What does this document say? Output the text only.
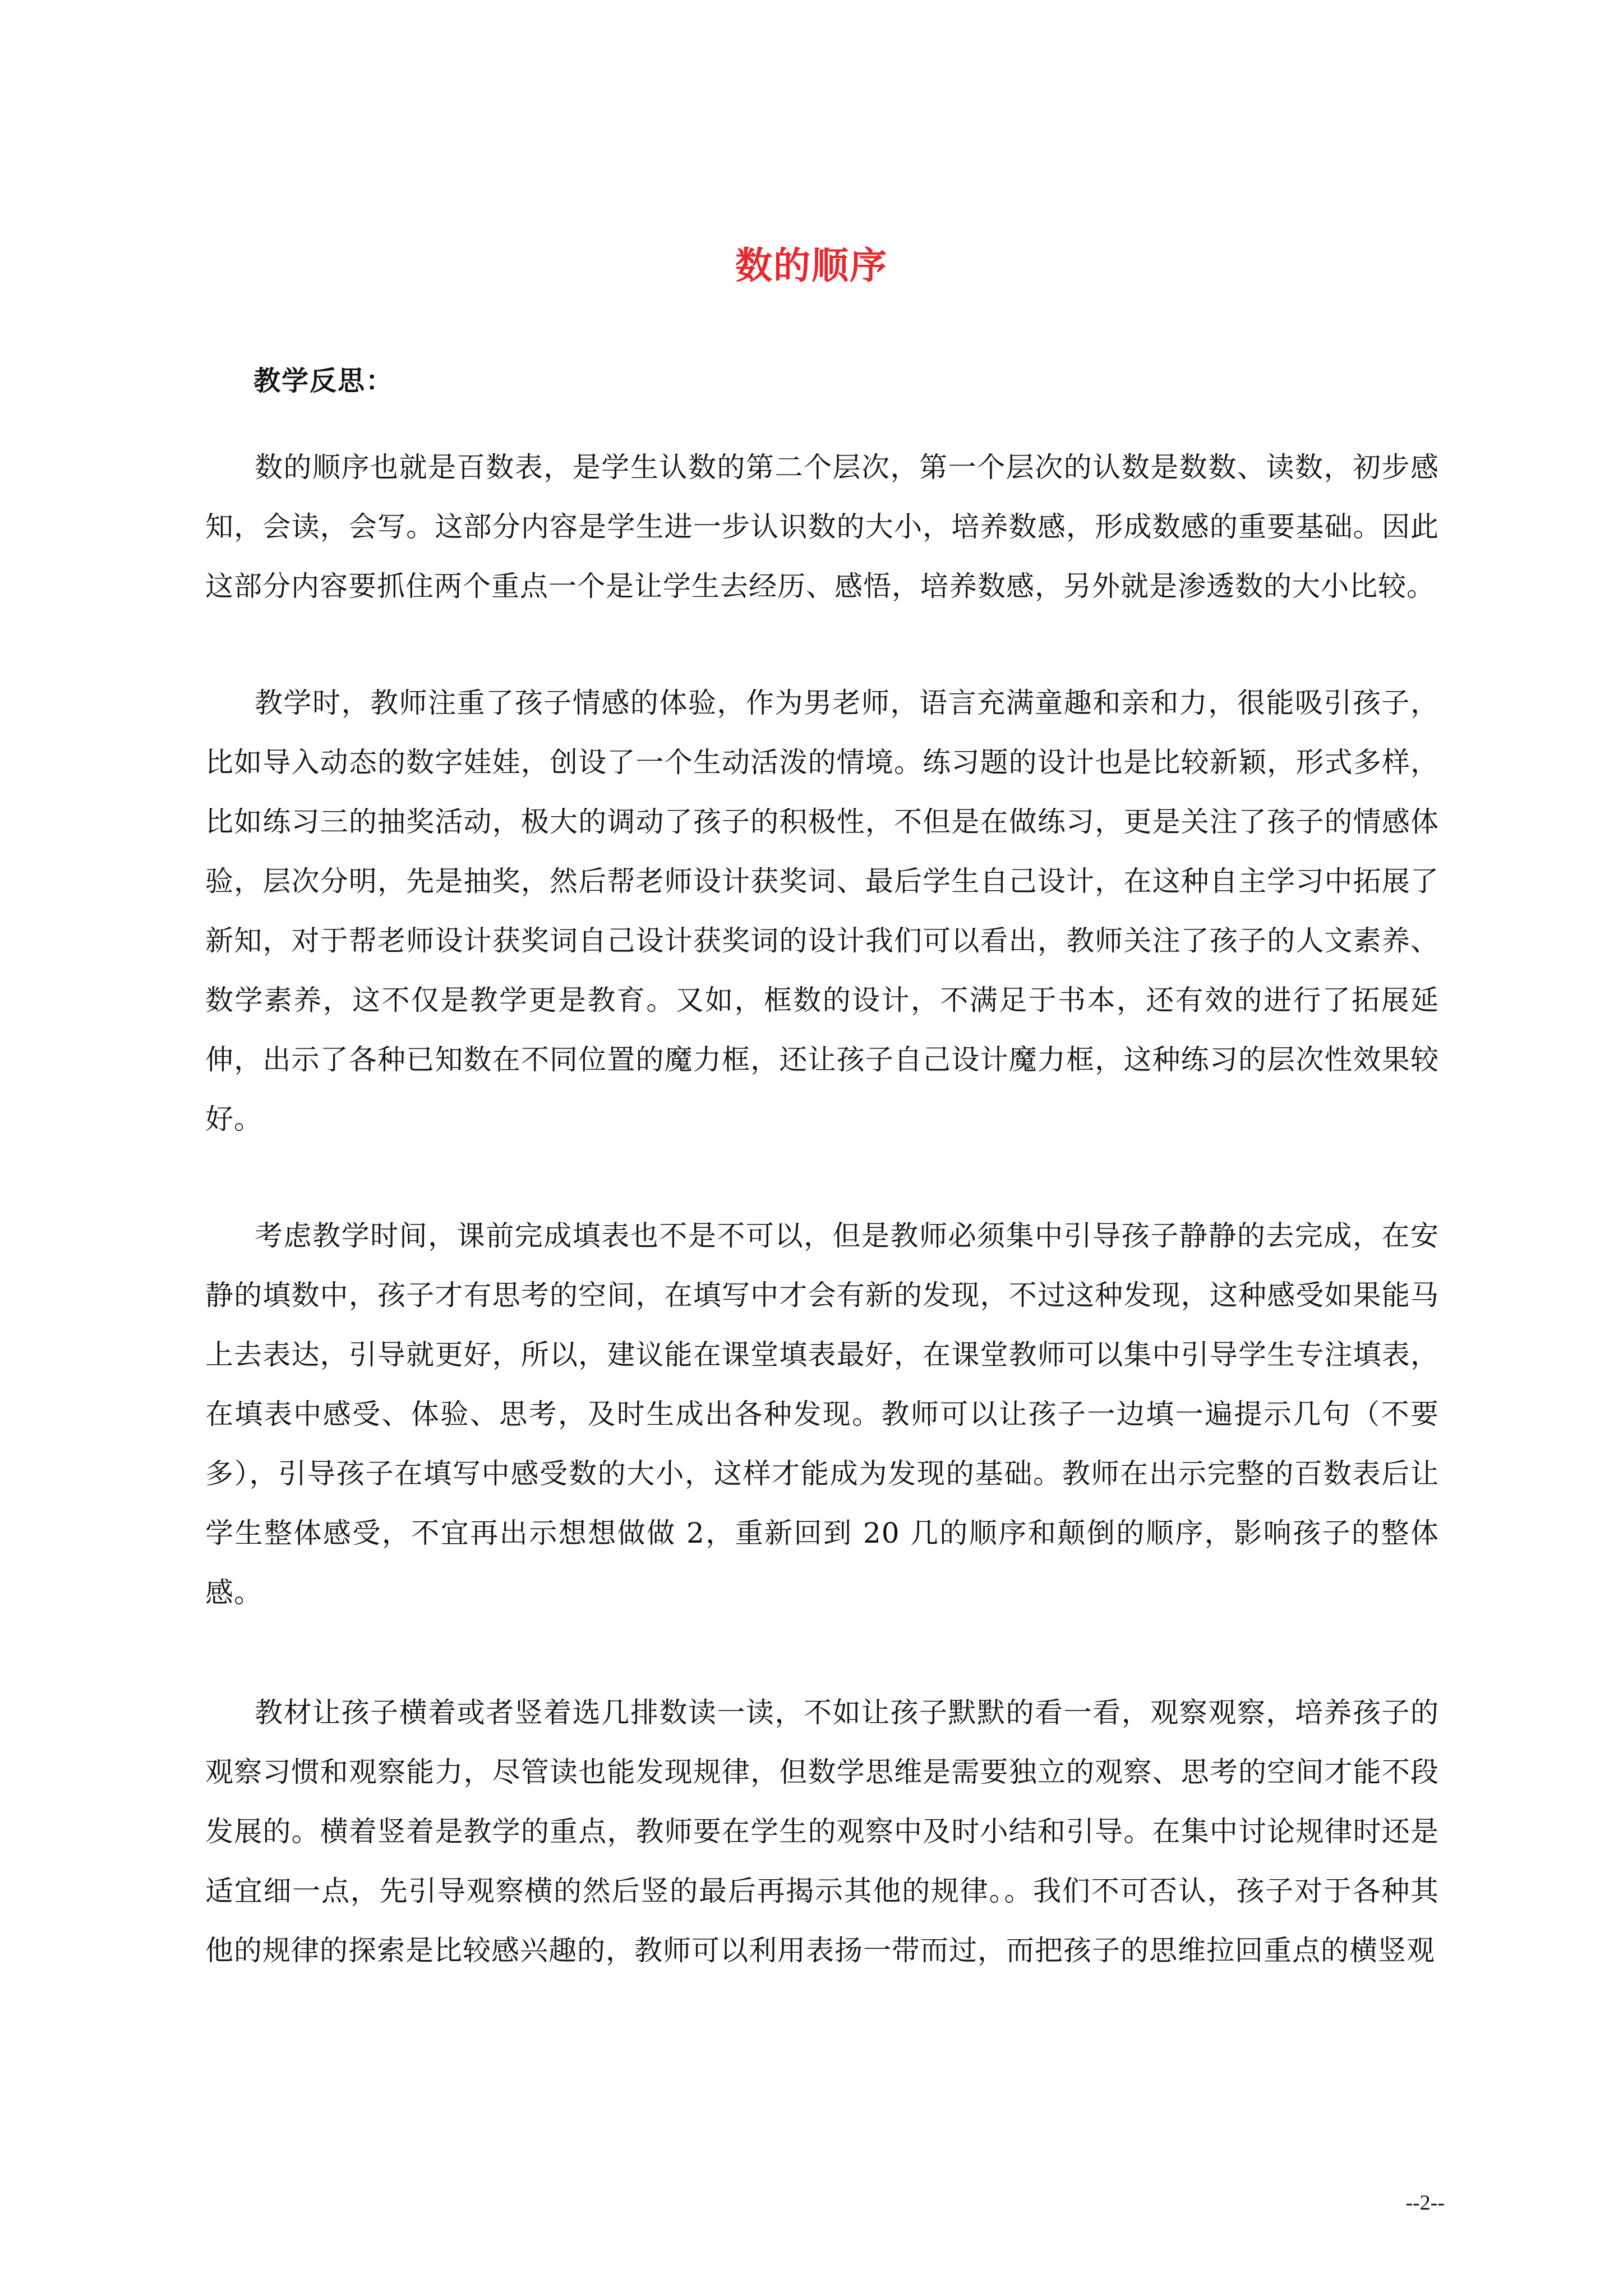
数的顺序
教学反思：

数的顺序也就是百数表，是学生认数的第二个层次，第一个层次的认数是数数、读数，初步感知，会读，会写。这部分内容是学生进一步认识数的大小，培养数感，形成数感的重要基础。因此这部分内容要抓住两个重点一个是让学生去经历、感悟，培养数感，另外就是渗透数的大小比较。

教学时，教师注重了孩子情感的体验，作为男老师，语言充满童趣和亲和力，很能吸引孩子，比如导入动态的数字娃娃，创设了一个生动活泼的情境。练习题的设计也是比较新颖，形式多样，比如练习三的抽奖活动，极大的调动了孩子的积极性，不但是在做练习，更是关注了孩子的情感体验，层次分明，先是抽奖，然后帮老师设计获奖词、最后学生自己设计，在这种自主学习中拓展了新知，对于帮老师设计获奖词自己设计获奖词的设计我们可以看出，教师关注了孩子的人文素养、数学素养，这不仅是教学更是教育。又如，框数的设计，不满足于书本，还有效的进行了拓展延伸，出示了各种已知数在不同位置的魔力框，还让孩子自己设计魔力框，这种练习的层次性效果较好。

考虑教学时间，课前完成填表也不是不可以，但是教师必须集中引导孩子静静的去完成，在安静的填数中，孩子才有思考的空间，在填写中才会有新的发现，不过这种发现，这种感受如果能马上去表达，引导就更好，所以，建议能在课堂填表最好，在课堂教师可以集中引导学生专注填表，在填表中感受、体验、思考，及时生成出各种发现。教师可以让孩子一边填一遍提示几句（不要多），引导孩子在填写中感受数的大小，这样才能成为发现的基础。教师在出示完整的百数表后让学生整体感受，不宜再出示想想做做 2，重新回到 20 几的顺序和颠倒的顺序，影响孩子的整体感。

教材让孩子横着或者竖着选几排数读一读，不如让孩子默默的看一看，观察观察，培养孩子的观察习惯和观察能力，尽管读也能发现规律，但数学思维是需要独立的观察、思考的空间才能不段发展的。横着竖着是教学的重点，教师要在学生的观察中及时小结和引导。在集中讨论规律时还是适宜细一点，先引导观察横的然后竖的最后再揭示其他的规律。。我们不可否认，孩子对于各种其他的规律的探索是比较感兴趣的，教师可以利用表扬一带而过，而把孩子的思维拉回重点的横竖观

--2--
